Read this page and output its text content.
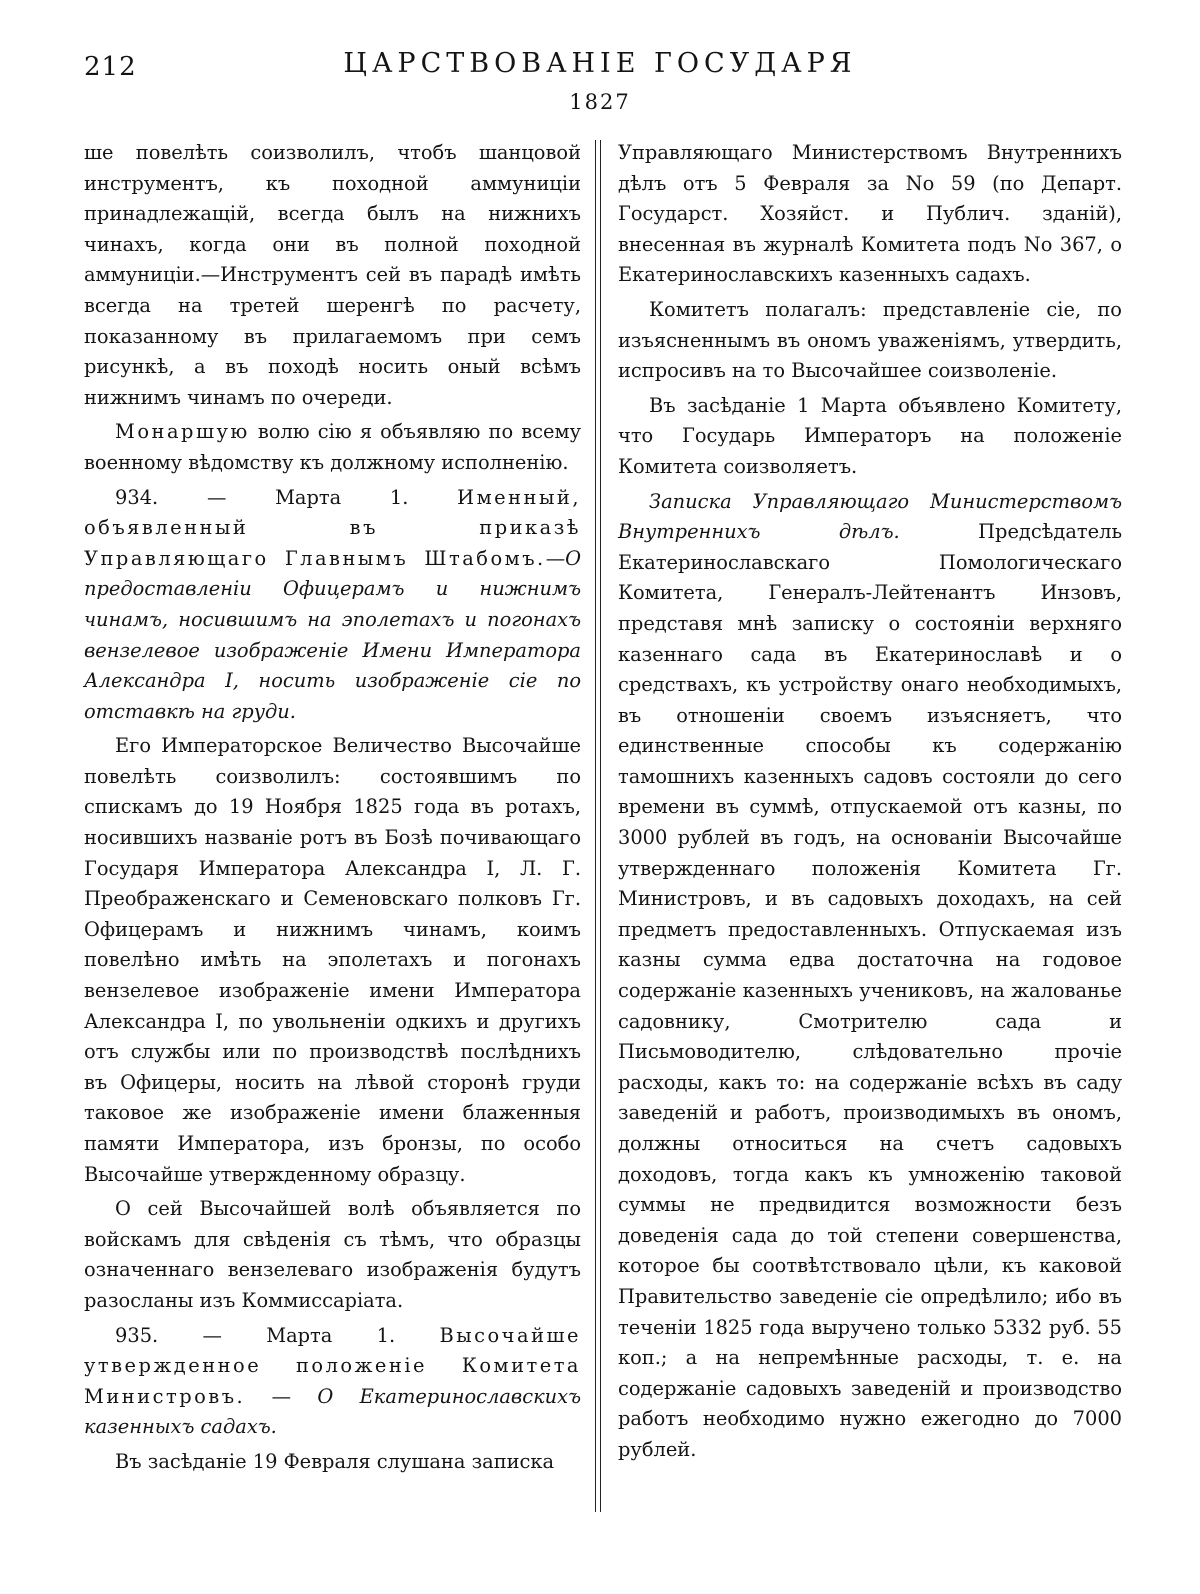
212	ЦАРСТВОВАНІЕ ГОСУДАРЯ
1827

ше повелѣть соизволилъ, чтобъ шанцовой инструментъ, къ походной аммуниціи принадлежащій, всегда былъ на нижнихъ чинахъ, когда они въ полной походной аммуниціи.—Инструментъ сей въ парадѣ имѣть всегда на третей шеренгѣ по расчету, показанному въ прилагаемомъ при семъ рисункѣ, а въ походѣ носить оный всѣмъ нижнимъ чинамъ по очереди.

Монаршую волю сію я объявляю по всему военному вѣдомству къ должному исполненію.

934. — Марта 1. Именный, объявленный въ приказѣ Управляющаго Главнымъ Штабомъ.—О предоставленіи Офицерамъ и нижнимъ чинамъ, носившимъ на эполетахъ и погонахъ вензелевое изображеніе Имени Императора Александра I, носить изображеніе сіе по отставкѣ на груди.

Его Императорское Величество Высочайше повелѣть соизволилъ: состоявшимъ по спискамъ до 19 Ноября 1825 года въ ротахъ, носившихъ названіе ротъ въ Бозѣ почивающаго Государя Императора Александра I, Л. Г. Преображенскаго и Семеновскаго полковъ Гг. Офицерамъ и нижнимъ чинамъ, коимъ повелѣно имѣть на эполетахъ и погонахъ вензелевое изображеніе имени Императора Александра I, по увольненіи одкихъ и другихъ отъ службы или по производствѣ послѣднихъ въ Офицеры, носить на лѣвой сторонѣ груди таковое же изображеніе имени блаженныя памяти Императора, изъ бронзы, по особо Высочайше утвержденному образцу.

О сей Высочайшей волѣ объявляется по войскамъ для свѣденія съ тѣмъ, что образцы означеннаго вензелеваго изображенія будутъ разосланы изъ Коммиссаріата.

935. — Марта 1. Высочайше утвержденное положеніе Комитета Министровъ. — О Екатеринославскихъ казенныхъ садахъ.

Въ засѣданіе 19 Февраля слушана записка

Управляющаго Министерствомъ Внутреннихъ дѣлъ отъ 5 Февраля за No 59 (по Департ. Государст. Хозяйст. и Публич. зданій), внесенная въ журналѣ Комитета подъ No 367, о Екатеринославскихъ казенныхъ садахъ.

Комитетъ полагалъ: представленіе сіе, по изъясненнымъ въ ономъ уваженіямъ, утвердить, испросивъ на то Высочайшее соизволеніе.

Въ засѣданіе 1 Марта объявлено Комитету, что Государь Императоръ на положеніе Комитета соизволяетъ.

Записка Управляющаго Министерствомъ Внутреннихъ дѣлъ. Предсѣдатель Екатеринославскаго Помологическаго Комитета, Генералъ-Лейтенантъ Инзовъ, представя мнѣ записку о состояніи верхняго казеннаго сада въ Екатеринославѣ и о средствахъ, къ устройству онаго необходимыхъ, въ отношеніи своемъ изъясняетъ, что единственные способы къ содержанію тамошнихъ казенныхъ садовъ состояли до сего времени въ суммѣ, отпускаемой отъ казны, по 3000 рублей въ годъ, на основаніи Высочайше утвержденнаго положенія Комитета Гг. Министровъ, и въ садовыхъ доходахъ, на сей предметъ предоставленныхъ. Отпускаемая изъ казны сумма едва достаточна на годовое содержаніе казенныхъ учениковъ, на жалованье садовнику, Смотрителю сада и Письмоводителю, слѣдовательно прочіе расходы, какъ то: на содержаніе всѣхъ въ саду заведеній и работъ, производимыхъ въ ономъ, должны относиться на счетъ садовыхъ доходовъ, тогда какъ къ умноженію таковой суммы не предвидится возможности безъ доведенія сада до той степени совершенства, которое бы соотвѣтствовало цѣли, къ каковой Правительство заведеніе сіе опредѣлило; ибо въ теченіи 1825 года выручено только 5332 руб. 55 коп.; а на непремѣнные расходы, т. е. на содержаніе садовыхъ заведеній и производство работъ необходимо нужно ежегодно до 7000 рублей.
